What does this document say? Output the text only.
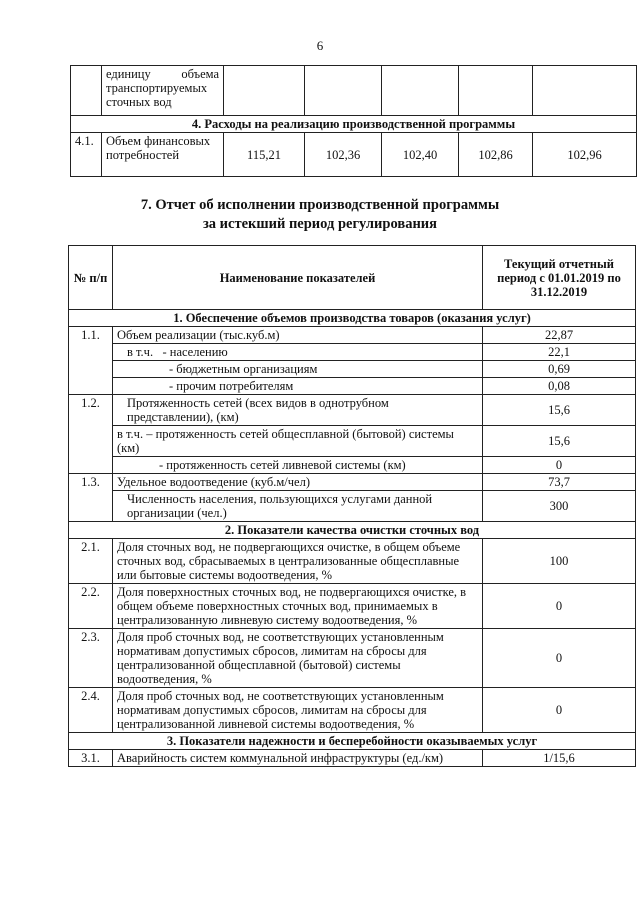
6
	единицу объема транспортируемых сточных вод					
4. Расходы на реализацию производственной программы						
4.1.	Объем финансовых потребностей	115,21	102,36	102,40	102,86	102,96
7. Отчет об исполнении производственной программы
за истекший период регулирования
№ п/п	Наименование показателей	Текущий отчетный период с 01.01.2019 по 31.12.2019
1. Обеспечение объемов производства товаров (оказания услуг)		
1.1.	Объем реализации (тыс.куб.м)	22,87
	в т.ч.   - населению	22,1
	- бюджетным организациям	0,69
	- прочим потребителям	0,08
1.2.	Протяженность сетей (всех видов в однотрубном представлении), (км)	15,6
	в т.ч. – протяженность сетей общесплавной (бытовой) системы (км)	15,6
	- протяженность сетей ливневой системы (км)	0
1.3.	Удельное водоотведение (куб.м/чел)	73,7
	Численность населения, пользующихся услугами данной организации (чел.)	300
2. Показатели качества очистки сточных вод		
2.1.	Доля сточных вод, не подвергающихся очистке, в общем объеме сточных вод, сбрасываемых в централизованные общесплавные или бытовые системы водоотведения, %	100
2.2.	Доля поверхностных сточных вод, не подвергающихся очистке, в общем объеме поверхностных сточных вод, принимаемых в централизованную ливневую систему водоотведения, %	0
2.3.	Доля проб сточных вод, не соответствующих установленным нормативам допустимых сбросов, лимитам на сбросы для централизованной общесплавной (бытовой) системы водоотведения, %	0
2.4.	Доля проб сточных вод, не соответствующих установленным нормативам допустимых сбросов, лимитам на сбросы для централизованной ливневой системы водоотведения, %	0
3. Показатели надежности и бесперебойности оказываемых услуг		
3.1.	Аварийность систем коммунальной инфраструктуры (ед./км)	1/15,6
